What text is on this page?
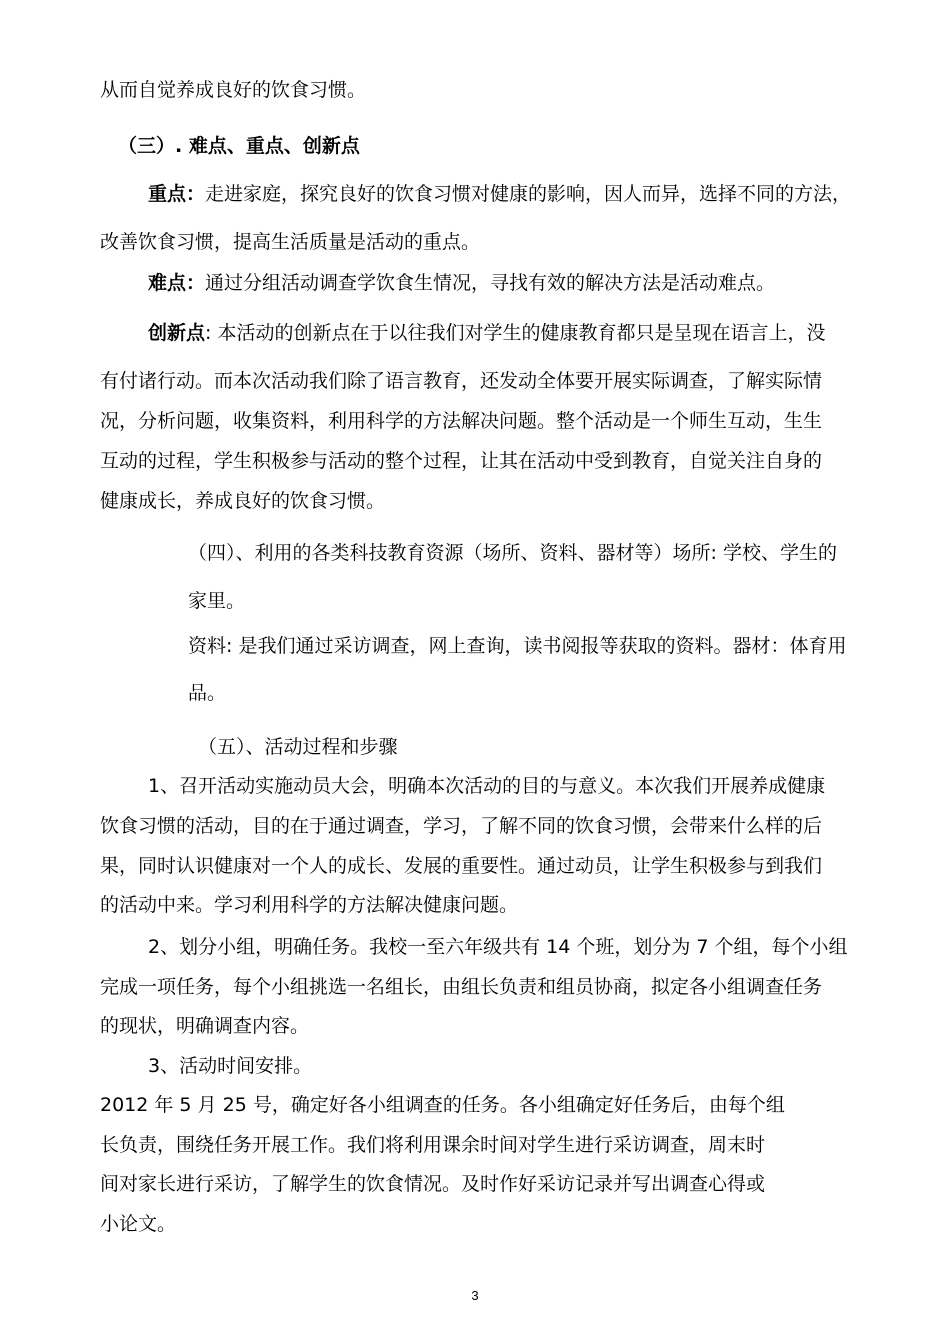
从而自觉养成良好的饮食习惯。
（三）. 难点、重点、创新点
重点：走进家庭，探究良好的饮食习惯对健康的影响，因人而异，选择不同的方法，
改善饮食习惯，提高生活质量是活动的重点。
难点：通过分组活动调查学饮食生情况，寻找有效的解决方法是活动难点。
创新点: 本活动的创新点在于以往我们对学生的健康教育都只是呈现在语言上，没
有付诸行动。而本次活动我们除了语言教育，还发动全体要开展实际调查，了解实际情
况，分析问题，收集资料，利用科学的方法解决问题。整个活动是一个师生互动，生生
互动的过程，学生积极参与活动的整个过程，让其在活动中受到教育，自觉关注自身的
健康成长，养成良好的饮食习惯。
（四）、利用的各类科技教育资源（场所、资料、器材等）场所: 学校、学生的
家里。
资料: 是我们通过采访调查，网上查询，读书阅报等获取的资料。器材：体育用
品。
（五）、活动过程和步骤
1、召开活动实施动员大会，明确本次活动的目的与意义。本次我们开展养成健康
饮食习惯的活动，目的在于通过调查，学习，了解不同的饮食习惯，会带来什么样的后
果，同时认识健康对一个人的成长、发展的重要性。通过动员，让学生积极参与到我们
的活动中来。学习利用科学的方法解决健康问题。
2、划分小组，明确任务。我校一至六年级共有 14 个班，划分为 7 个组，每个小组
完成一项任务，每个小组挑选一名组长，由组长负责和组员协商，拟定各小组调查任务
的现状，明确调查内容。
3、活动时间安排。
2012 年 5 月 25 号，确定好各小组调查的任务。各小组确定好任务后，由每个组
长负责，围绕任务开展工作。我们将利用课余时间对学生进行采访调查，周末时
间对家长进行采访，了解学生的饮食情况。及时作好采访记录并写出调查心得或
小论文。
3
